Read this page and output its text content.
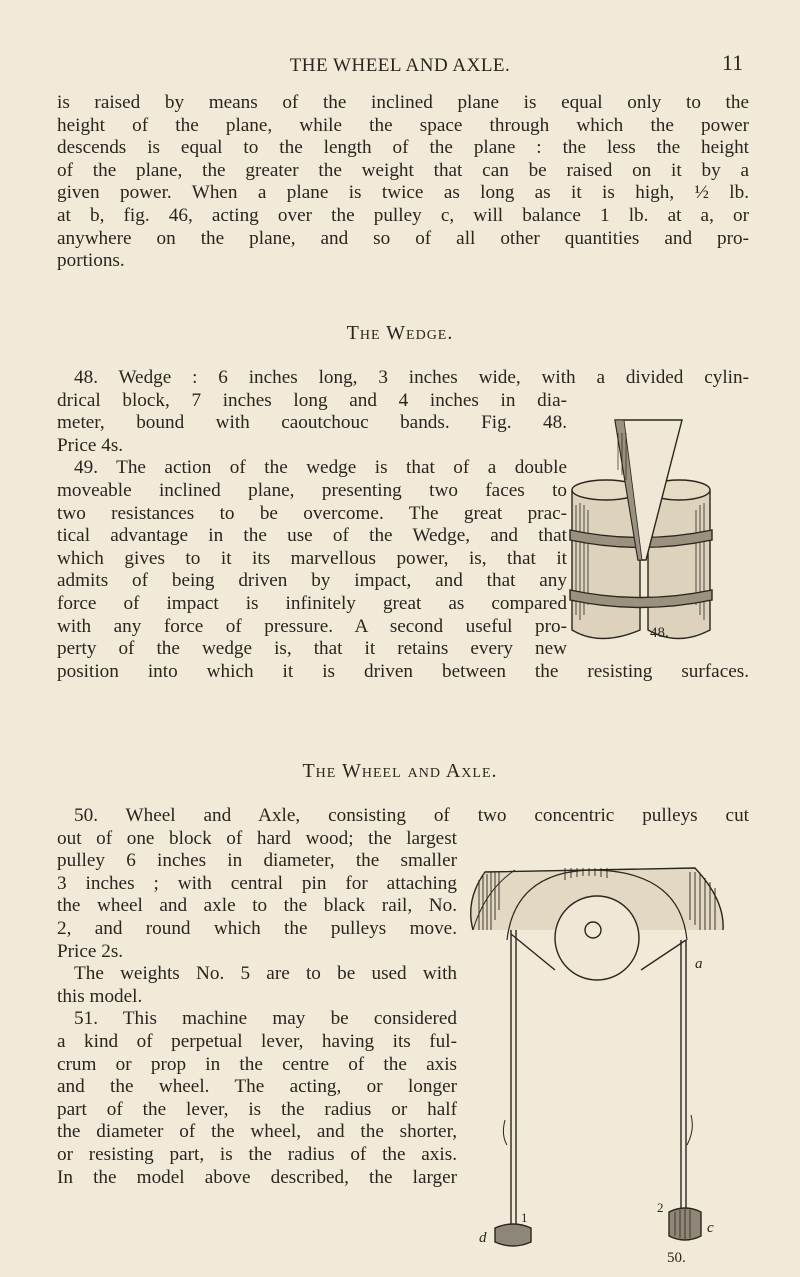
THE WHEEL AND AXLE.	11
is raised by means of the inclined plane is equal only to the
height of the plane, while the space through which the power
descends is equal to the length of the plane : the less the height
of the plane, the greater the weight that can be raised on it by a
given power. When a plane is twice as long as it is high, ½ lb.
at b, fig. 46, acting over the pulley c, will balance 1 lb. at a, or
anywhere on the plane, and so of all other quantities and pro-
portions.
The Wedge.
48. Wedge : 6 inches long, 3 inches wide, with a divided cylin-
drical block, 7 inches long and 4 inches in dia-
meter, bound with caoutchouc bands. Fig. 48.
Price 4s.
49. The action of the wedge is that of a double
moveable inclined plane, presenting two faces to
two resistances to be overcome. The great prac-
tical advantage in the use of the Wedge, and that
which gives to it its marvellous power, is, that it
admits of being driven by impact, and that any
force of impact is infinitely great as compared
with any force of pressure. A second useful pro-
perty of the wedge is, that it retains every new
position into which it is driven between the resisting surfaces.
48.
The Wheel and Axle.
50. Wheel and Axle, consisting of two concentric pulleys cut
out of one block of hard wood; the largest
pulley 6 inches in diameter, the smaller
3 inches ; with central pin for attaching
the wheel and axle to the black rail, No.
2, and round which the pulleys move.
Price 2s.
The weights No. 5 are to be used with
this model.
51. This machine may be considered
a kind of perpetual lever, having its ful-
crum or prop in the centre of the axis
and the wheel. The acting, or longer
part of the lever, is the radius or half
the diameter of the wheel, and the shorter,
or resisting part, is the radius of the axis.
In the model above described, the larger
a
c
d
1
2
50.
